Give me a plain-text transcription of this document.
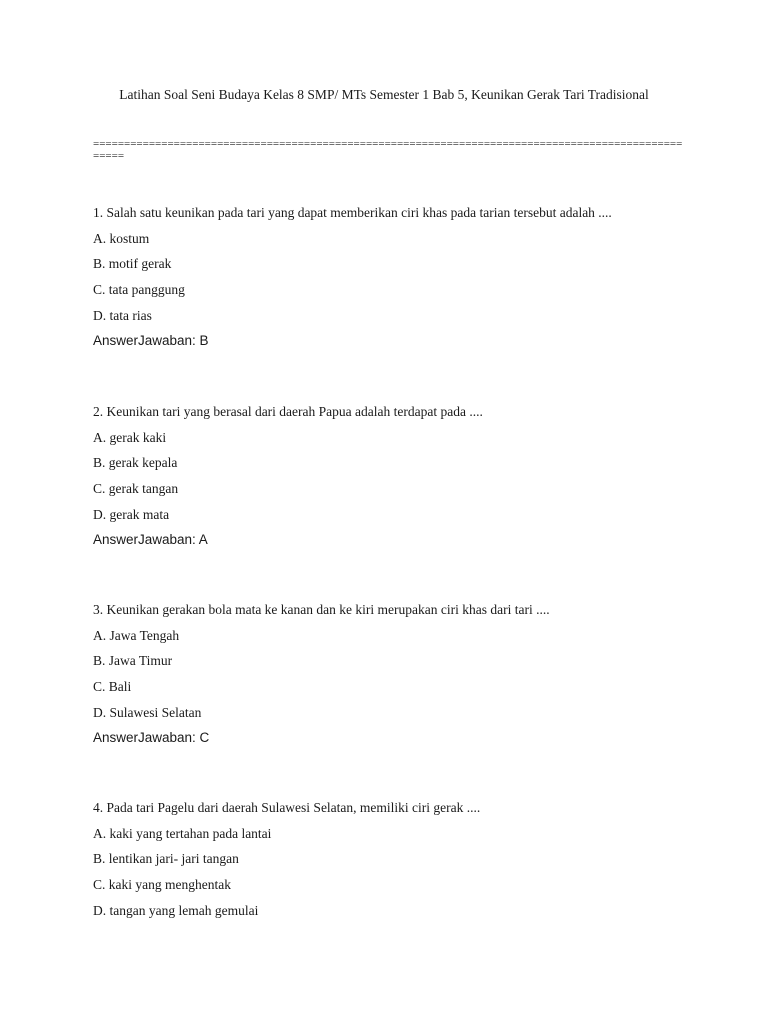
Latihan Soal Seni Budaya Kelas 8 SMP/ MTs Semester 1 Bab 5, Keunikan Gerak Tari Tradisional
====================================================================================================
1. Salah satu keunikan pada tari yang dapat memberikan ciri khas pada tarian tersebut adalah ....
A. kostum
B. motif gerak
C. tata panggung
D. tata rias
AnswerJawaban: B
2. Keunikan tari yang berasal dari daerah Papua adalah terdapat pada ....
A. gerak kaki
B. gerak kepala
C. gerak tangan
D. gerak mata
AnswerJawaban: A
3. Keunikan gerakan bola mata ke kanan dan ke kiri merupakan ciri khas dari tari ....
A. Jawa Tengah
B. Jawa Timur
C. Bali
D. Sulawesi Selatan
AnswerJawaban: C
4. Pada tari Pagelu dari daerah Sulawesi Selatan, memiliki ciri gerak ....
A. kaki yang tertahan pada lantai
B. lentikan jari- jari tangan
C. kaki yang menghentak
D. tangan yang lemah gemulai
